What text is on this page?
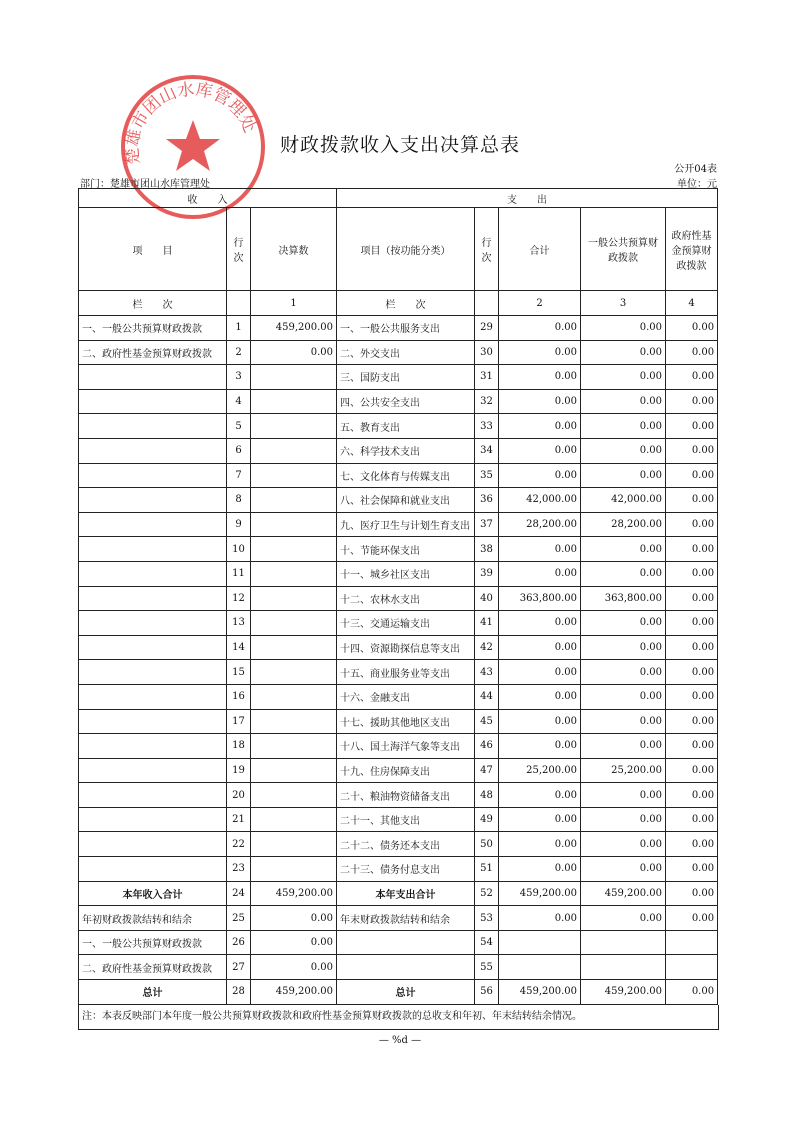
楚雄市团山水库管理处
财政拨款收入支出决算总表
公开04表
部门：楚雄市团山水库管理处	单位：元
收　　入			支　　出				
项　　目	行次	决算数	项目（按功能分类）	行次	合计	一般公共预算财政拨款	政府性基金预算财政拨款
栏　　次		1	栏　　次		2	3	4
一、一般公共预算财政拨款	1	459,200.00	一、一般公共服务支出	29	0.00	0.00	0.00
二、政府性基金预算财政拨款	2	0.00	二、外交支出	30	0.00	0.00	0.00
	3		三、国防支出	31	0.00	0.00	0.00
	4		四、公共安全支出	32	0.00	0.00	0.00
	5		五、教育支出	33	0.00	0.00	0.00
	6		六、科学技术支出	34	0.00	0.00	0.00
	7		七、文化体育与传媒支出	35	0.00	0.00	0.00
	8		八、社会保障和就业支出	36	42,000.00	42,000.00	0.00
	9		九、医疗卫生与计划生育支出	37	28,200.00	28,200.00	0.00
	10		十、节能环保支出	38	0.00	0.00	0.00
	11		十一、城乡社区支出	39	0.00	0.00	0.00
	12		十二、农林水支出	40	363,800.00	363,800.00	0.00
	13		十三、交通运输支出	41	0.00	0.00	0.00
	14		十四、资源勘探信息等支出	42	0.00	0.00	0.00
	15		十五、商业服务业等支出	43	0.00	0.00	0.00
	16		十六、金融支出	44	0.00	0.00	0.00
	17		十七、援助其他地区支出	45	0.00	0.00	0.00
	18		十八、国土海洋气象等支出	46	0.00	0.00	0.00
	19		十九、住房保障支出	47	25,200.00	25,200.00	0.00
	20		二十、粮油物资储备支出	48	0.00	0.00	0.00
	21		二十一、其他支出	49	0.00	0.00	0.00
	22		二十二、债务还本支出	50	0.00	0.00	0.00
	23		二十三、债务付息支出	51	0.00	0.00	0.00
本年收入合计	24	459,200.00	本年支出合计	52	459,200.00	459,200.00	0.00
年初财政拨款结转和结余	25	0.00	年末财政拨款结转和结余	53	0.00	0.00	0.00
一、一般公共预算财政拨款	26	0.00		54			
二、政府性基金预算财政拨款	27	0.00		55			
总计	28	459,200.00	总计	56	459,200.00	459,200.00	0.00
注：本表反映部门本年度一般公共预算财政拨款和政府性基金预算财政拨款的总收支和年初、年末结转结余情况。
— %d —
